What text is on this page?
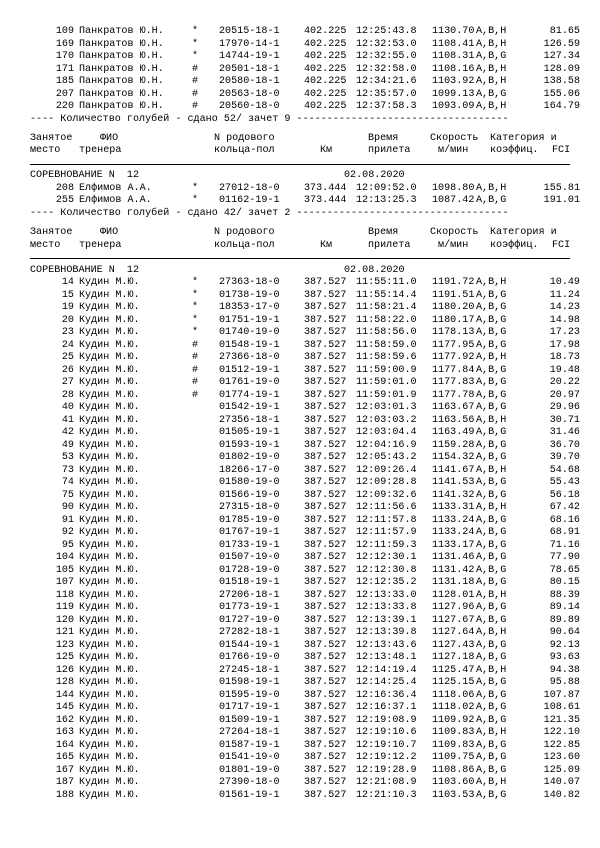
109 Панкратов Ю.Н.	* 20515-18-1 402.225 12:25:43.8 1130.70 A,B,H	81.65
169 Панкратов Ю.Н.	* 17970-14-1 402.225 12:32:53.0 1108.41 A,B,H	126.59
170 Панкратов Ю.Н.	* 14744-19-1 402.225 12:32:55.0 1108.31 A,B,G	127.34
171 Панкратов Ю.Н.	# 20501-18-1 402.225 12:32:58.0 1108.16 A,B,H	128.09
185 Панкратов Ю.Н.	# 20580-18-1 402.225 12:34:21.6 1103.92 A,B,H	138.58
207 Панкратов Ю.Н.	# 20563-18-0 402.225 12:35:57.0 1099.13 A,B,G	155.06
220 Панкратов Ю.Н.	# 20560-18-0 402.225 12:37:58.3 1093.09 A,B,H	164.79
---- Количество голубей - сдано 52/ зачет 9 -----------------------------------
Занятое	ФИО	N родового	Время	Скорость Категория и
место тренера	кольца-пол	Км	прилета	м/мин коэффиц. FCI
СОРЕВНОВАНИЕ N  12	02.08.2020
208 Елфимов А.А.	* 27012-18-0 373.444 12:09:52.0 1098.80 A,B,H	155.81
255 Елфимов А.А.	* 01162-19-1 373.444 12:13:25.3 1087.42 A,B,G	191.01
---- Количество голубей - сдано 42/ зачет 2 -----------------------------------
Занятое	ФИО	N родового	Время	Скорость Категория и
место тренера	кольца-пол	Км	прилета	м/мин коэффиц. FCI
СОРЕВНОВАНИЕ N  12	02.08.2020
14 Кудин М.Ю.	* 27363-18-0 387.527 11:55:11.0 1191.72 A,B,H	10.49
15 Кудин М.Ю.	* 01738-19-0 387.527 11:55:14.4 1191.51 A,B,G	11.24
19 Кудин М.Ю.	* 18353-17-0 387.527 11:58:21.4 1180.20 A,B,G	14.23
20 Кудин М.Ю.	* 01751-19-1 387.527 11:58:22.0 1180.17 A,B,G	14.98
23 Кудин М.Ю.	* 01740-19-0 387.527 11:58:56.0 1178.13 A,B,G	17.23
24 Кудин М.Ю.	# 01548-19-1 387.527 11:58:59.0 1177.95 A,B,G	17.98
25 Кудин М.Ю.	# 27366-18-0 387.527 11:58:59.6 1177.92 A,B,H	18.73
26 Кудин М.Ю.	# 01512-19-1 387.527 11:59:00.9 1177.84 A,B,G	19.48
27 Кудин М.Ю.	# 01761-19-0 387.527 11:59:01.0 1177.83 A,B,G	20.22
28 Кудин М.Ю.	# 01774-19-1 387.527 11:59:01.9 1177.78 A,B,G	20.97
40 Кудин М.Ю.	01542-19-1 387.527 12:03:01.3 1163.67 A,B,G	29.96
41 Кудин М.Ю.	27356-18-1 387.527 12:03:03.2 1163.56 A,B,H	30.71
42 Кудин М.Ю.	01505-19-1 387.527 12:03:04.4 1163.49 A,B,G	31.46
49 Кудин М.Ю.	01593-19-1 387.527 12:04:16.9 1159.28 A,B,G	36.70
53 Кудин М.Ю.	01802-19-0 387.527 12:05:43.2 1154.32 A,B,G	39.70
73 Кудин М.Ю.	18266-17-0 387.527 12:09:26.4 1141.67 A,B,H	54.68
74 Кудин М.Ю.	01580-19-0 387.527 12:09:28.8 1141.53 A,B,G	55.43
75 Кудин М.Ю.	01566-19-0 387.527 12:09:32.6 1141.32 A,B,G	56.18
90 Кудин М.Ю.	27315-18-0 387.527 12:11:56.6 1133.31 A,B,H	67.42
91 Кудин М.Ю.	01785-19-0 387.527 12:11:57.8 1133.24 A,B,G	68.16
92 Кудин М.Ю.	01767-19-1 387.527 12:11:57.9 1133.24 A,B,G	68.91
95 Кудин М.Ю.	01733-19-1 387.527 12:11:59.3 1133.17 A,B,G	71.16
104 Кудин М.Ю.	01507-19-0 387.527 12:12:30.1 1131.46 A,B,G	77.90
105 Кудин М.Ю.	01728-19-0 387.527 12:12:30.8 1131.42 A,B,G	78.65
107 Кудин М.Ю.	01518-19-1 387.527 12:12:35.2 1131.18 A,B,G	80.15
118 Кудин М.Ю.	27206-18-1 387.527 12:13:33.0 1128.01 A,B,H	88.39
119 Кудин М.Ю.	01773-19-1 387.527 12:13:33.8 1127.96 A,B,G	89.14
120 Кудин М.Ю.	01727-19-0 387.527 12:13:39.1 1127.67 A,B,G	89.89
121 Кудин М.Ю.	27282-18-1 387.527 12:13:39.8 1127.64 A,B,H	90.64
123 Кудин М.Ю.	01544-19-1 387.527 12:13:43.6 1127.43 A,B,G	92.13
125 Кудин М.Ю.	01766-19-0 387.527 12:13:48.1 1127.18 A,B,G	93.63
126 Кудин М.Ю.	27245-18-1 387.527 12:14:19.4 1125.47 A,B,H	94.38
128 Кудин М.Ю.	01598-19-1 387.527 12:14:25.4 1125.15 A,B,G	95.88
144 Кудин М.Ю.	01595-19-0 387.527 12:16:36.4 1118.06 A,B,G	107.87
145 Кудин М.Ю.	01717-19-1 387.527 12:16:37.1 1118.02 A,B,G	108.61
162 Кудин М.Ю.	01509-19-1 387.527 12:19:08.9 1109.92 A,B,G	121.35
163 Кудин М.Ю.	27264-18-1 387.527 12:19:10.6 1109.83 A,B,H	122.10
164 Кудин М.Ю.	01587-19-1 387.527 12:19:10.7 1109.83 A,B,G	122.85
165 Кудин М.Ю.	01541-19-0 387.527 12:19:12.2 1109.75 A,B,G	123.60
167 Кудин М.Ю.	01801-19-0 387.527 12:19:28.9 1108.86 A,B,G	125.09
187 Кудин М.Ю.	27390-18-0 387.527 12:21:08.9 1103.60 A,B,H	140.07
188 Кудин М.Ю.	01561-19-1 387.527 12:21:10.3 1103.53 A,B,G	140.82
